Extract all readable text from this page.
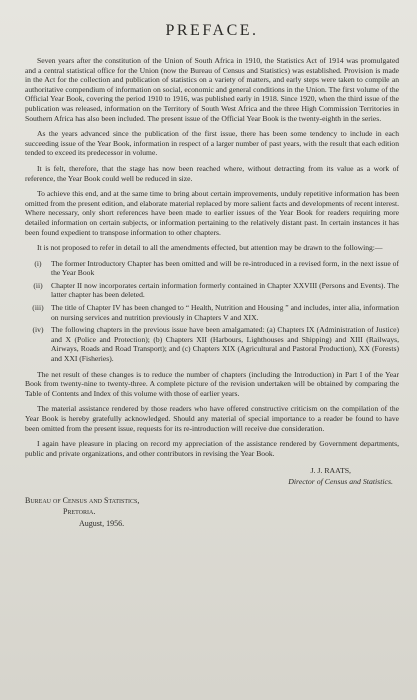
PREFACE.

Seven years after the constitution of the Union of South Africa in 1910, the Statistics Act of 1914 was promulgated and a central statistical office for the Union (now the Bureau of Census and Statistics) was established. Provision is made in the Act for the collection and publication of statistics on a variety of matters, and early steps were taken to compile an authoritative compendium of information on social, economic and general conditions in the Union. The first volume of the Official Year Book, covering the period 1910 to 1916, was published early in 1918. Since 1920, when the third issue of the publication was released, information on the Territory of South West Africa and the three High Commission Territories in Southern Africa has also been included. The present issue of the Official Year Book is the twenty-eighth in the series.

As the years advanced since the publication of the first issue, there has been some tendency to include in each succeeding issue of the Year Book, information in respect of a larger number of past years, with the result that each edition tended to exceed its predecessor in volume.

It is felt, therefore, that the stage has now been reached where, without detracting from its value as a work of reference, the Year Book could well be reduced in size.

To achieve this end, and at the same time to bring about certain improvements, unduly repetitive information has been omitted from the present edition, and elaborate material replaced by more salient facts and developments of recent interest. Where necessary, only short references have been made to earlier issues of the Year Book for readers requiring more detailed information on certain subjects, or information pertaining to the relatively distant past. In certain instances it has been found expedient to transpose information to other chapters.

It is not proposed to refer in detail to all the amendments effected, but attention may be drawn to the following:—

(i)	The former Introductory Chapter has been omitted and will be re-introduced in a revised form, in the next issue of the Year Book
(ii)	Chapter II now incorporates certain information formerly contained in Chapter XXVIII (Persons and Events). The latter chapter has been deleted.
(iii) The title of Chapter IV has been changed to “ Health, Nutrition and Housing ” and includes, inter alia, information on nursing services and nutrition previously in Chapters V and XIX.
(iv) The following chapters in the previous issue have been amalgamated: (a) Chapters IX (Administration of Justice) and X (Police and Protection); (b) Chapters XII (Harbours, Lighthouses and Shipping) and XIII (Railways, Airways, Roads and Road Transport); and (c) Chapters XIX (Agricultural and Pastoral Production), XX (Forests) and XXI (Fisheries).

The net result of these changes is to reduce the number of chapters (including the Introduction) in Part I of the Year Book from twenty-nine to twenty-three. A complete picture of the revision undertaken will be obtained by comparing the Table of Contents and Index of this volume with those of earlier years.

The material assistance rendered by those readers who have offered constructive criticism on the compilation of the Year Book is hereby gratefully acknowledged. Should any material of special importance to a reader be found to have been omitted from the present issue, requests for its re-introduction will receive due consideration.

I again have pleasure in placing on record my appreciation of the assistance rendered by Government departments, public and private organizations, and other contributors in revising the Year Book.

J. J. RAATS,
Director of Census and Statistics.
Bureau of Census and Statistics,
Pretoria.
August, 1956.
